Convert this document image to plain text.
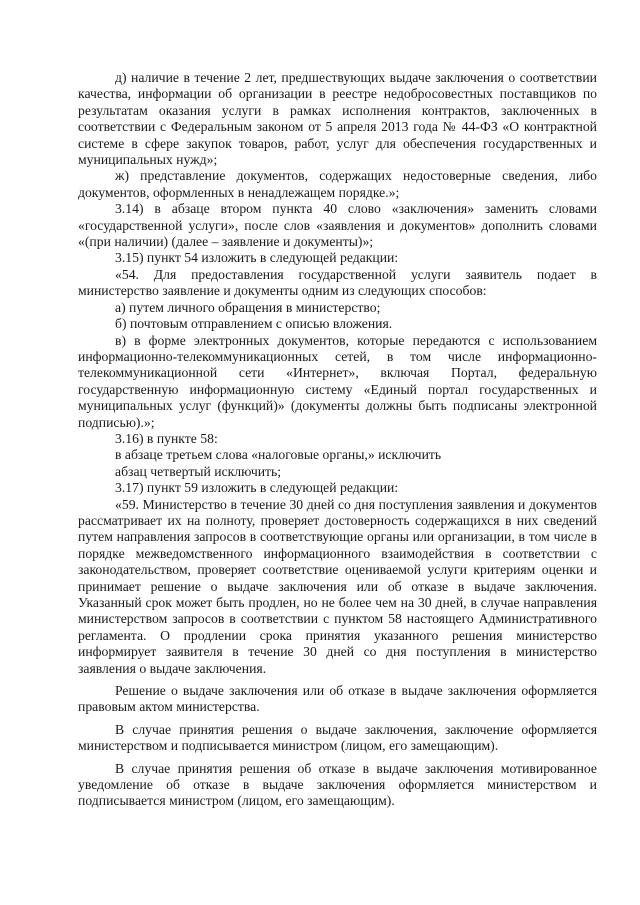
д) наличие в течение 2 лет, предшествующих выдаче заключения о соответствии качества, информации об организации в реестре недобросовестных поставщиков по результатам оказания услуги в рамках исполнения контрактов, заключенных в соответствии с Федеральным законом от 5 апреля 2013 года № 44-ФЗ «О контрактной системе в сфере закупок товаров, работ, услуг для обеспечения государственных и муниципальных нужд»;

ж) представление документов, содержащих недостоверные сведения, либо документов, оформленных в ненадлежащем порядке.»;

3.14) в абзаце втором пункта 40 слово «заключения» заменить словами «государственной услуги», после слов «заявления и документов» дополнить словами «(при наличии) (далее – заявление и документы)»;

3.15) пункт 54 изложить в следующей редакции:

«54. Для предоставления государственной услуги заявитель подает в министерство заявление и документы одним из следующих способов:

а) путем личного обращения в министерство;

б) почтовым отправлением с описью вложения.

в) в форме электронных документов, которые передаются с использованием информационно-телекоммуникационных сетей, в том числе информационно-телекоммуникационной сети «Интернет», включая Портал, федеральную государственную информационную систему «Единый портал государственных и муниципальных услуг (функций)» (документы должны быть подписаны электронной подписью).»;

3.16) в пункте 58:

в абзаце третьем слова «налоговые органы,» исключить

абзац четвертый исключить;

3.17) пункт 59 изложить в следующей редакции:

«59. Министерство в течение 30 дней со дня поступления заявления и документов рассматривает их на полноту, проверяет достоверность содержащихся в них сведений путем направления запросов в соответствующие органы или организации, в том числе в порядке межведомственного информационного взаимодействия в соответствии с законодательством, проверяет соответствие оцениваемой услуги критериям оценки и принимает решение о выдаче заключения или об отказе в выдаче заключения. Указанный срок может быть продлен, но не более чем на 30 дней, в случае направления министерством запросов в соответствии с пунктом 58 настоящего Административного регламента. О продлении срока принятия указанного решения министерство информирует заявителя в течение 30 дней со дня поступления в министерство заявления о выдаче заключения.

Решение о выдаче заключения или об отказе в выдаче заключения оформляется правовым актом министерства.

В случае принятия решения о выдаче заключения, заключение оформляется министерством и подписывается министром (лицом, его замещающим).

В случае принятия решения об отказе в выдаче заключения мотивированное уведомление об отказе в выдаче заключения оформляется министерством и подписывается министром (лицом, его замещающим).
